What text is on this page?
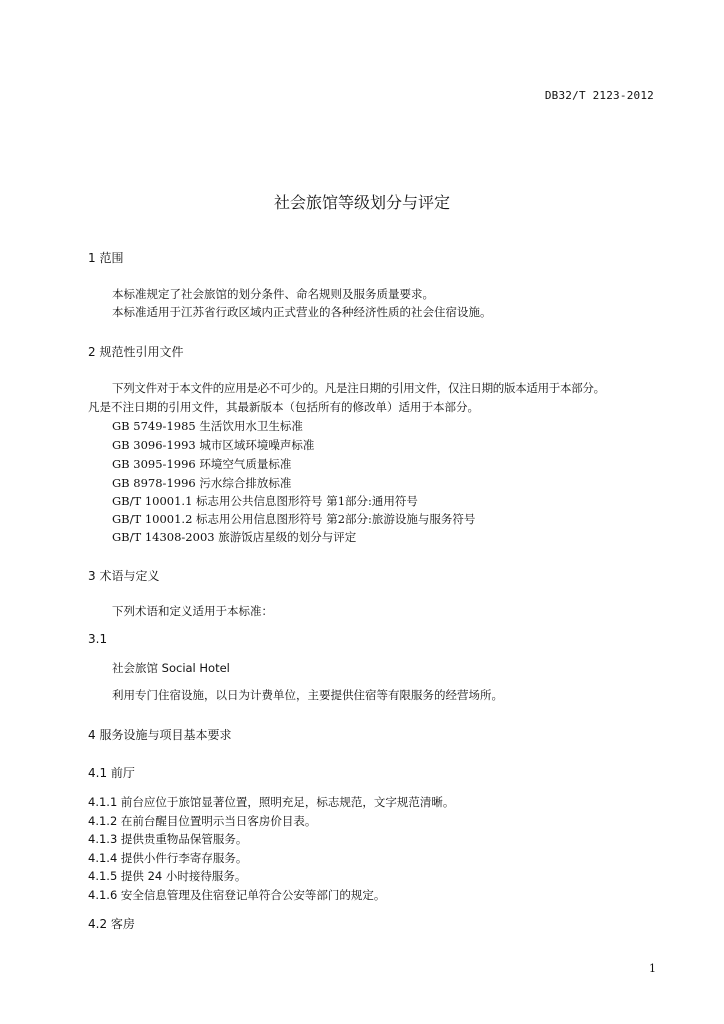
DB32/T 2123-2012
社会旅馆等级划分与评定
1 范围
本标准规定了社会旅馆的划分条件、命名规则及服务质量要求。
本标准适用于江苏省行政区域内正式营业的各种经济性质的社会住宿设施。
2 规范性引用文件
下列文件对于本文件的应用是必不可少的。凡是注日期的引用文件，仅注日期的版本适用于本部分。
凡是不注日期的引用文件，其最新版本（包括所有的修改单）适用于本部分。
GB 5749-1985 生活饮用水卫生标准
GB 3096-1993 城市区域环境噪声标准
GB 3095-1996 环境空气质量标准
GB 8978-1996 污水综合排放标准
GB/T 10001.1 标志用公共信息图形符号 第1部分:通用符号
GB/T 10001.2 标志用公用信息图形符号 第2部分:旅游设施与服务符号
GB/T 14308-2003 旅游饭店星级的划分与评定
3 术语与定义
下列术语和定义适用于本标准：
3.1
社会旅馆 Social Hotel
利用专门住宿设施，以日为计费单位，主要提供住宿等有限服务的经营场所。
4 服务设施与项目基本要求
4.1 前厅
4.1.1 前台应位于旅馆显著位置，照明充足，标志规范，文字规范清晰。
4.1.2 在前台醒目位置明示当日客房价目表。
4.1.3 提供贵重物品保管服务。
4.1.4 提供小件行李寄存服务。
4.1.5 提供 24 小时接待服务。
4.1.6 安全信息管理及住宿登记单符合公安等部门的规定。
4.2 客房
1
